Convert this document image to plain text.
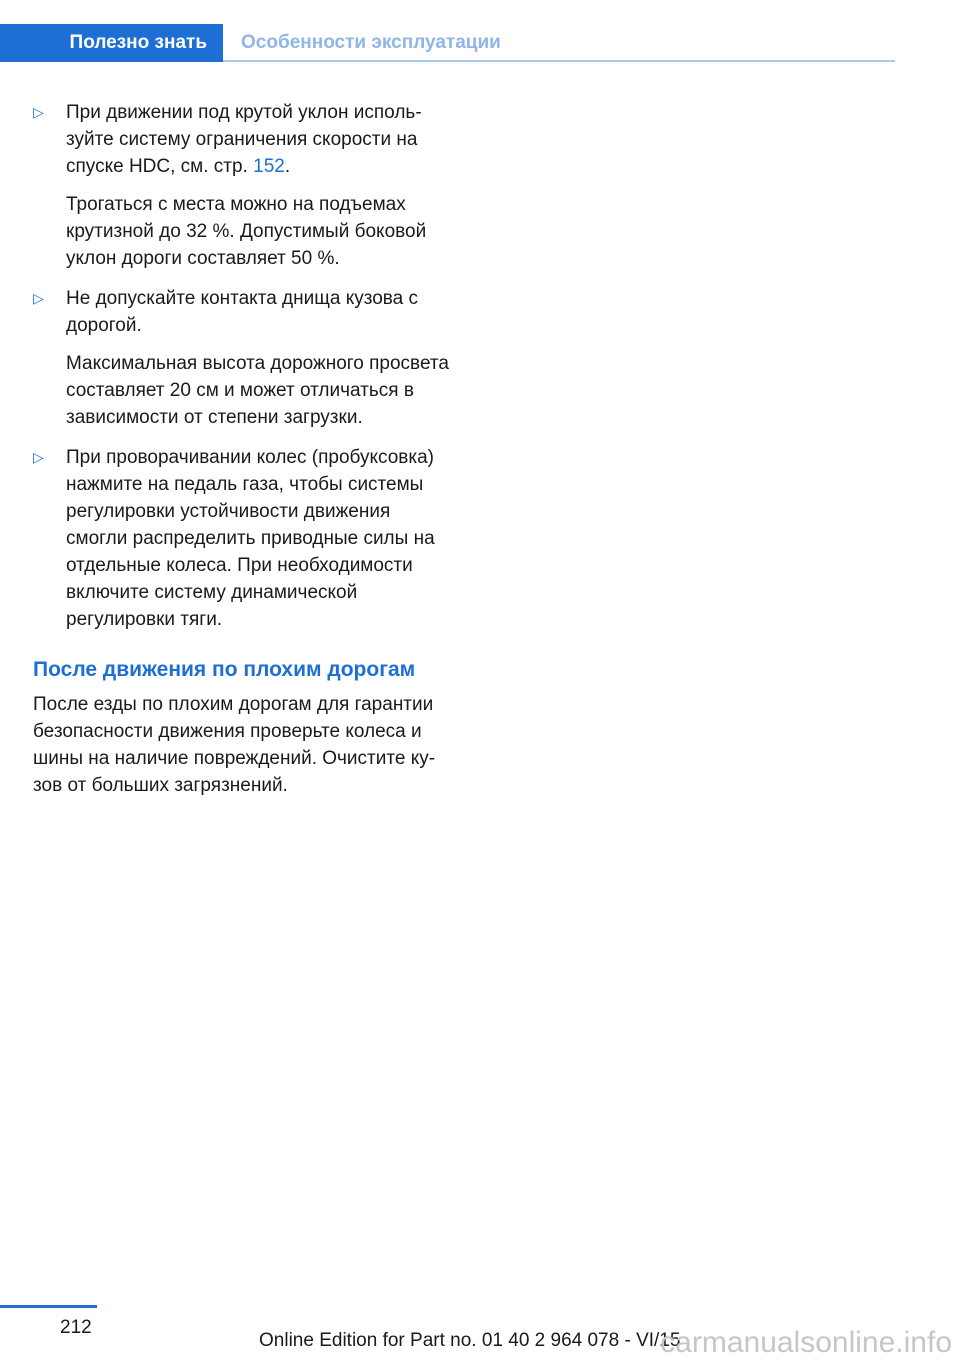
Полезно знать Особенности эксплуатации
▷ При движении под крутой уклон используйте систему ограничения скорости на спуске HDC, см. стр. 152.

Трогаться с места можно на подъемах крутизной до 32 %. Допустимый боковой уклон дороги составляет 50 %.

▷ Не допускайте контакта днища кузова с дорогой.

Максимальная высота дорожного просвета составляет 20 см и может отличаться в зависимости от степени загрузки.

▷ При проворачивании колес (пробуксовка) нажмите на педаль газа, чтобы системы регулировки устойчивости движения смогли распределить приводные силы на отдельные колеса. При необходимости включите систему динамической регулировки тяги.

После движения по плохим дорогам

После езды по плохим дорогам для гарантии безопасности движения проверьте колеса и шины на наличие повреждений. Очистите кузов от больших загрязнений.

212
Online Edition for Part no. 01 40 2 964 078 - VI/15
carmanualsonline.info
